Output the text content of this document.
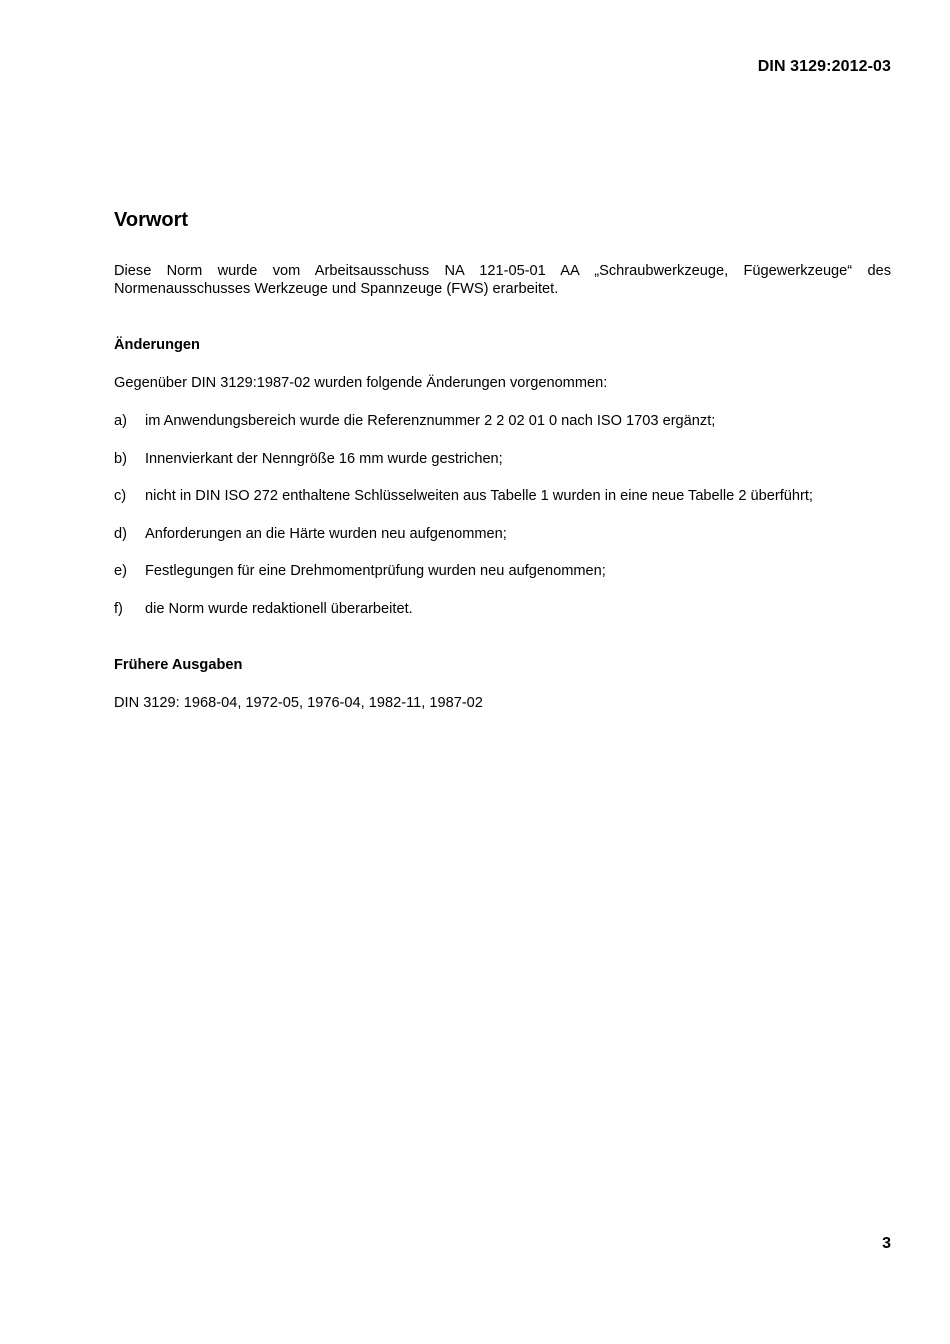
DIN 3129:2012-03
Vorwort

Diese Norm wurde vom Arbeitsausschuss NA 121-05-01 AA „Schraubwerkzeuge, Fügewerkzeuge“ des Normenausschusses Werkzeuge und Spannzeuge (FWS) erarbeitet.

Änderungen

Gegenüber DIN 3129:1987-02 wurden folgende Änderungen vorgenommen:

a)	im Anwendungsbereich wurde die Referenznummer 2 2 02 01 0 nach ISO 1703 ergänzt;
b)	Innenvierkant der Nenngröße 16 mm wurde gestrichen;
c)	nicht in DIN ISO 272 enthaltene Schlüsselweiten aus Tabelle 1 wurden in eine neue Tabelle 2 überführt;
d)	Anforderungen an die Härte wurden neu aufgenommen;
e)	Festlegungen für eine Drehmomentprüfung wurden neu aufgenommen;
f)	die Norm wurde redaktionell überarbeitet.
Frühere Ausgaben

DIN 3129: 1968-04, 1972-05, 1976-04, 1982-11, 1987-02

3
